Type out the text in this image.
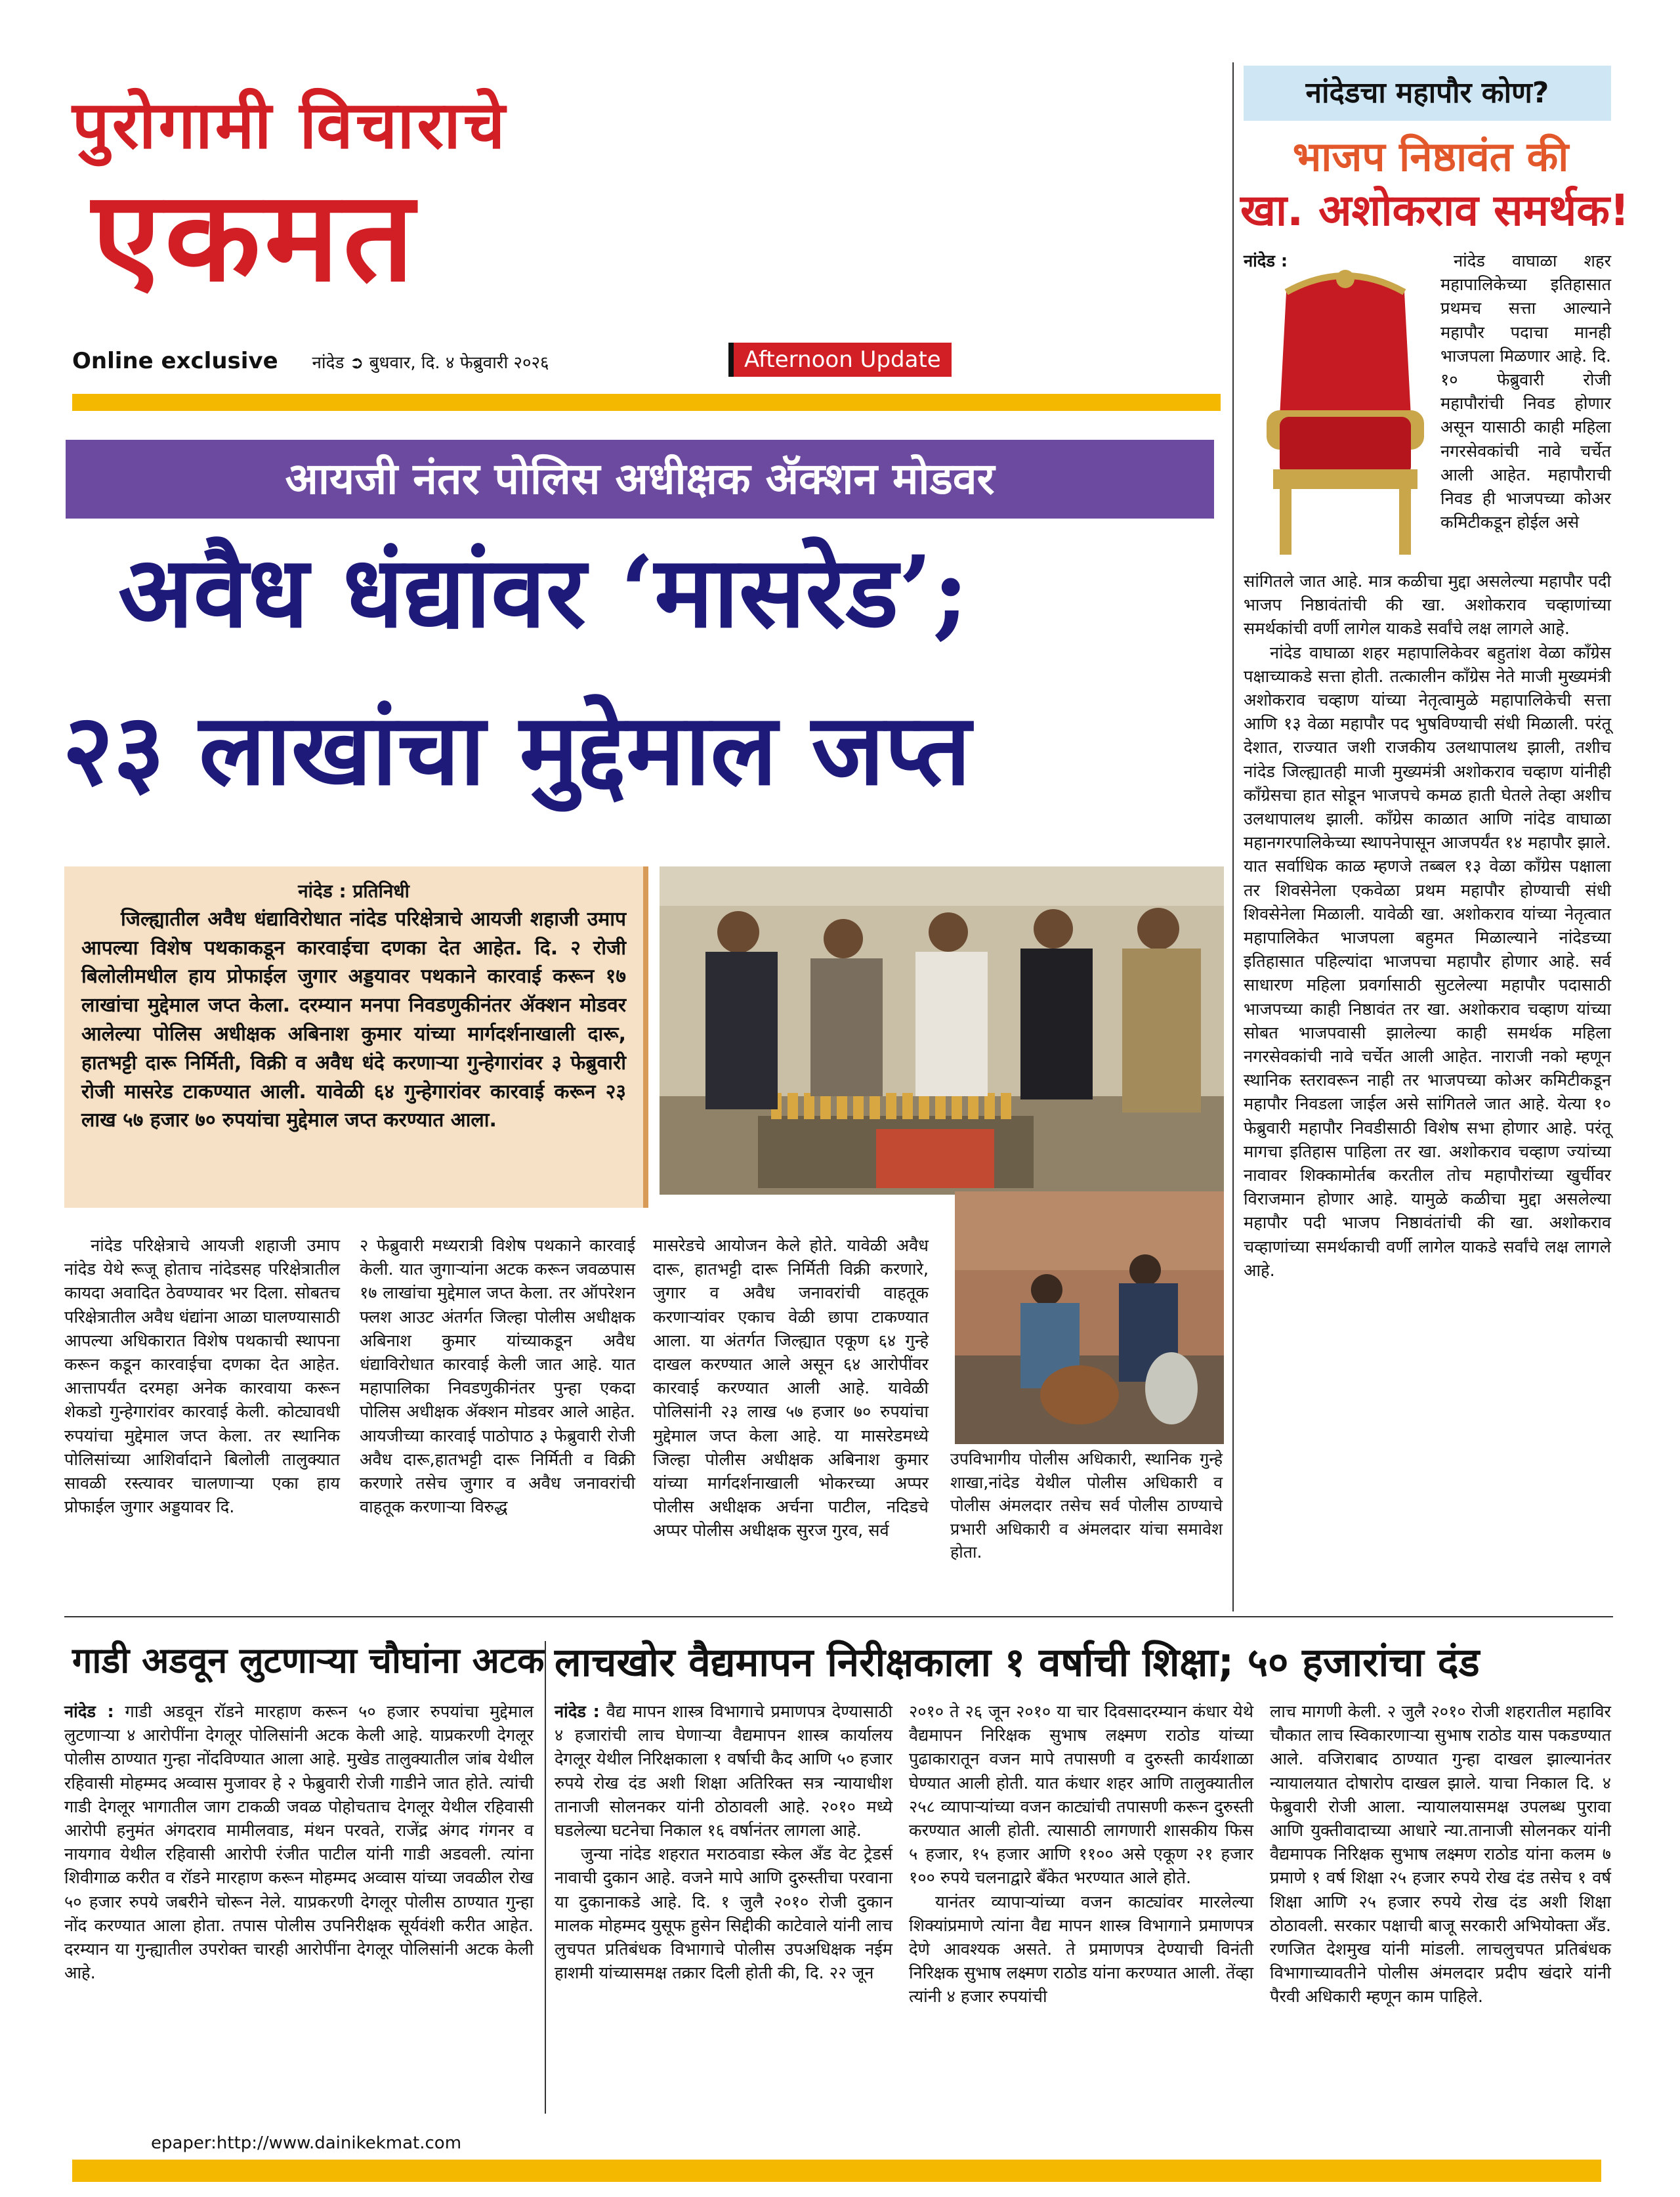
पुरोगामी विचाराचे
एकमत
Online exclusive नांदेड ➲ बुधवार, दि. ४ फेब्रुवारी २०२६	Afternoon Update
आयजी नंतर पोलिस अधीक्षक ॲक्शन मोडवर
अवैध धंद्यांवर ‘मासरेड’;
२३ लाखांचा मुद्देमाल जप्त
नांदेड : प्रतिनिधी
जिल्ह्यातील अवैध धंद्याविरोधात नांदेड परिक्षेत्राचे आयजी शहाजी उमाप आपल्या विशेष पथकाकडून कारवाईचा दणका देत आहेत. दि. २ रोजी बिलोलीमधील हाय प्रोफाईल जुगार अड्डयावर पथकाने कारवाई करून १७ लाखांचा मुद्देमाल जप्त केला. दरम्यान मनपा निवडणुकीनंतर ॲक्शन मोडवर आलेल्या पोलिस अधीक्षक अबिनाश कुमार यांच्या मार्गदर्शनाखाली दारू, हातभट्टी दारू निर्मिती, विक्री व अवैध धंदे करणाऱ्या गुन्हेगारांवर ३ फेब्रुवारी रोजी मासरेड टाकण्यात आली. यावेळी ६४ गुन्हेगारांवर कारवाई करून २३ लाख ५७ हजार ७० रुपयांचा मुद्देमाल जप्त करण्यात आला.

नांदेड परिक्षेत्राचे आयजी शहाजी उमाप नांदेड येथे रूजू होताच नांदेडसह परिक्षेत्रातील कायदा अवादित ठेवण्यावर भर दिला. सोबतच परिक्षेत्रातील अवैध धंद्यांना आळा घालण्यासाठी आपल्या अधिकारात विशेष पथकाची स्थापना करून कडून कारवाईचा दणका देत आहेत. आत्तापर्यंत दरमहा अनेक कारवाया करून शेकडो गुन्हेगारांवर कारवाई केली. कोट्यावधी रुपयांचा मुद्देमाल जप्त केला. तर स्थानिक पोलिसांच्या आशिर्वादाने बिलोली तालुक्यात सावळी रस्त्यावर चालणाऱ्या एका हाय प्रोफाईल जुगार अड्डयावर दि.

२ फेब्रुवारी मध्यरात्री विशेष पथकाने कारवाई केली. यात जुगाऱ्यांना अटक करून जवळपास १७ लाखांचा मुद्देमाल जप्त केला. तर ऑपरेशन फ्लश आउट अंतर्गत जिल्हा पोलीस अधीक्षक अबिनाश कुमार यांच्याकडून अवैध धंद्याविरोधात कारवाई केली जात आहे. यात महापालिका निवडणुकीनंतर पुन्हा एकदा पोलिस अधीक्षक ॲक्शन मोडवर आले आहेत. आयजीच्या कारवाई पाठोपाठ ३ फेब्रुवारी रोजी अवैध दारू,हातभट्टी दारू निर्मिती व विक्री करणारे तसेच जुगार व अवैध जनावरांची वाहतूक करणाऱ्या विरुद्ध

मासरेडचे आयोजन केले होते. यावेळी अवैध दारू, हातभट्टी दारू निर्मिती विक्री करणारे, जुगार व अवैध जनावरांची वाहतूक करणाऱ्यांवर एकाच वेळी छापा टाकण्यात आला. या अंतर्गत जिल्ह्यात एकूण ६४ गुन्हे दाखल करण्यात आले असून ६४ आरोपींवर कारवाई करण्यात आली आहे. यावेळी पोलिसांनी २३ लाख ५७ हजार ७० रुपयांचा मुद्देमाल जप्त केला आहे. या मासरेडमध्ये जिल्हा पोलीस अधीक्षक अबिनाश कुमार यांच्या मार्गदर्शनाखाली भोकरच्या अप्पर पोलीस अधीक्षक अर्चना पाटील, नदिडचे अप्पर पोलीस अधीक्षक सुरज गुरव, सर्व

उपविभागीय पोलीस अधिकारी, स्थानिक गुन्हे शाखा,नांदेड येथील पोलीस अधिकारी व पोलीस अंमलदार तसेच सर्व पोलीस ठाण्याचे प्रभारी अधिकारी व अंमलदार यांचा समावेश होता.
नांदेडचा महापौर कोण?
भाजप निष्ठावंत की
खा. अशोकराव समर्थक!

नांदेड :	नांदेड वाघाळा शहर महापालिकेच्या इतिहासात प्रथमच सत्ता आल्याने महापौर पदाचा मानही भाजपला मिळणार आहे. दि. १० फेब्रुवारी रोजी महापौरांची निवड होणार असून यासाठी काही महिला नगरसेवकांची नावे चर्चेत आली आहेत. महापौराची निवड ही भाजपच्या कोअर कमिटीकडून होईल असे

सांगितले जात आहे. मात्र कळीचा मुद्दा असलेल्या महापौर पदी भाजप निष्ठावंतांची की खा. अशोकराव चव्हाणांच्या समर्थकांची वर्णी लागेल याकडे सर्वांचे लक्ष लागले आहे.

नांदेड वाघाळा शहर महापालिकेवर बहुतांश वेळा कॉंग्रेस पक्षाच्याकडे सत्ता होती. तत्कालीन कॉंग्रेस नेते माजी मुख्यमंत्री अशोकराव चव्हाण यांच्या नेतृत्वामुळे महापालिकेची सत्ता आणि १३ वेळा महापौर पद भुषविण्याची संधी मिळाली. परंतू देशात, राज्यात जशी राजकीय उलथापालथ झाली, तशीच नांदेड जिल्ह्यातही माजी मुख्यमंत्री अशोकराव चव्हाण यांनीही कॉंग्रेसचा हात सोडून भाजपचे कमळ हाती घेतले तेव्हा अशीच उलथापालथ झाली. कॉंग्रेस काळात आणि नांदेड वाघाळा महानगरपालिकेच्या स्थापनेपासून आजपर्यंत १४ महापौर झाले. यात सर्वाधिक काळ म्हणजे तब्बल १३ वेळा कॉंग्रेस पक्षाला तर शिवसेनेला एकवेळा प्रथम महापौर होण्याची संधी शिवसेनेला मिळाली. यावेळी खा. अशोकराव यांच्या नेतृत्वात महापालिकेत भाजपला बहुमत मिळाल्याने नांदेडच्या इतिहासात पहिल्यांदा भाजपचा महापौर होणार आहे. सर्व साधारण महिला प्रवर्गासाठी सुटलेल्या महापौर पदासाठी भाजपच्या काही निष्ठावंत तर खा. अशोकराव चव्हाण यांच्या सोबत भाजपवासी झालेल्या काही समर्थक महिला नगरसेवकांची नावे चर्चेत आली आहेत. नाराजी नको म्हणून स्थानिक स्तरावरून नाही तर भाजपच्या कोअर कमिटीकडून महापौर निवडला जाईल असे सांगितले जात आहे. येत्या १० फेब्रुवारी महापौर निवडीसाठी विशेष सभा होणार आहे. परंतू मागचा इतिहास पाहिला तर खा. अशोकराव चव्हाण ज्यांच्या नावावर शिक्कामोर्तब करतील तोच महापौरांच्या खुर्चीवर विराजमान होणार आहे. यामुळे कळीचा मुद्दा असलेल्या महापौर पदी भाजप निष्ठावंतांची की खा. अशोकराव चव्हाणांच्या समर्थकाची वर्णी लागेल याकडे सर्वांचे लक्ष लागले आहे.

गाडी अडवून लुटणाऱ्या चौघांना अटक

नांदेड : गाडी अडवून रॉडने मारहाण करून ५० हजार रुपयांचा मुद्देमाल लुटणाऱ्या ४ आरोपींना देगलूर पोलिसांनी अटक केली आहे. याप्रकरणी देगलूर पोलीस ठाण्यात गुन्हा नोंदविण्यात आला आहे. मुखेड तालुक्यातील जांब येथील रहिवासी मोहम्मद अव्वास मुजावर हे २ फेब्रुवारी रोजी गाडीने जात होते. त्यांची गाडी देगलूर भागातील जाग टाकळी जवळ पोहोचताच देगलूर येथील रहिवासी आरोपी हनुमंत अंगदराव मामीलवाड, मंथन परवते, राजेंद्र अंगद गंगनर व नायगाव येथील रहिवासी आरोपी रंजीत पाटील यांनी गाडी अडवली. त्यांना शिवीगाळ करीत व रॉडने मारहाण करून मोहम्मद अव्वास यांच्या जवळील रोख ५० हजार रुपये जबरीने चोरून नेले. याप्रकरणी देगलूर पोलीस ठाण्यात गुन्हा नोंद करण्यात आला होता. तपास पोलीस उपनिरीक्षक सूर्यवंशी करीत आहेत. दरम्यान या गुन्ह्यातील उपरोक्त चारही आरोपींना देगलूर पोलिसांनी अटक केली आहे.

लाचखोर वैद्यमापन निरीक्षकाला १ वर्षाची शिक्षा; ५० हजारांचा दंड

नांदेड : वैद्य मापन शास्त्र विभागाचे प्रमाणपत्र देण्यासाठी ४ हजारांची लाच घेणाऱ्या वैद्यमापन शास्त्र कार्यालय देगलूर येथील निरिक्षकाला १ वर्षाची कैद आणि ५० हजार रुपये रोख दंड अशी शिक्षा अतिरिक्त सत्र न्यायाधीश तानाजी सोलनकर यांनी ठोठावली आहे. २०१० मध्ये घडलेल्या घटनेचा निकाल १६ वर्षानंतर लागला आहे.

जुन्या नांदेड शहरात मराठवाडा स्केल अँड वेट ट्रेडर्स नावाची दुकान आहे. वजने मापे आणि दुरुस्तीचा परवाना या दुकानाकडे आहे. दि. १ जुलै २०१० रोजी दुकान मालक मोहम्मद युसूफ हुसेन सिद्दीकी काटेवाले यांनी लाच लुचपत प्रतिबंधक विभागाचे पोलीस उपअधिक्षक नईम हाशमी यांच्यासमक्ष तक्रार दिली होती की, दि. २२ जून

२०१० ते २६ जून २०१० या चार दिवसादरम्यान कंधार येथे वैद्यमापन निरिक्षक सुभाष लक्ष्मण राठोड यांच्या पुढाकारातून वजन मापे तपासणी व दुरुस्ती कार्यशाळा घेण्यात आली होती. यात कंधार शहर आणि तालुक्यातील २५८ व्यापाऱ्यांच्या वजन काट्यांची तपासणी करून दुरुस्ती करण्यात आली होती. त्यासाठी लागणारी शासकीय फिस ५ हजार, १५ हजार आणि ११०० असे एकूण २१ हजार १०० रुपये चलनाद्वारे बँकेत भरण्यात आले होते.

यानंतर व्यापाऱ्यांच्या वजन काट्यांवर मारलेल्या शिक्यांप्रमाणे त्यांना वैद्य मापन शास्त्र विभागाने प्रमाणपत्र देणे आवश्यक असते. ते प्रमाणपत्र देण्याची विनंती निरिक्षक सुभाष लक्ष्मण राठोड यांना करण्यात आली. तेंव्हा त्यांनी ४ हजार रुपयांची

लाच मागणी केली. २ जुलै २०१० रोजी शहरातील महाविर चौकात लाच स्विकारणाऱ्या सुभाष राठोड यास पकडण्यात आले. वजिराबाद ठाण्यात गुन्हा दाखल झाल्यानंतर न्यायालयात दोषारोप दाखल झाले. याचा निकाल दि. ४ फेब्रुवारी रोजी आला. न्यायालयासमक्ष उपलब्ध पुरावा आणि युक्तीवादाच्या आधारे न्या.तानाजी सोलनकर यांनी वैद्यमापक निरिक्षक सुभाष लक्ष्मण राठोड यांना कलम ७ प्रमाणे १ वर्ष शिक्षा २५ हजार रुपये रोख दंड तसेच १ वर्ष शिक्षा आणि २५ हजार रुपये रोख दंड अशी शिक्षा ठोठावली. सरकार पक्षाची बाजू सरकारी अभियोक्ता अँड. रणजित देशमुख यांनी मांडली. लाचलुचपत प्रतिबंधक विभागाच्यावतीने पोलीस अंमलदार प्रदीप खंदारे यांनी पैरवी अधिकारी म्हणून काम पाहिले.

epaper:http://www.dainikekmat.com
